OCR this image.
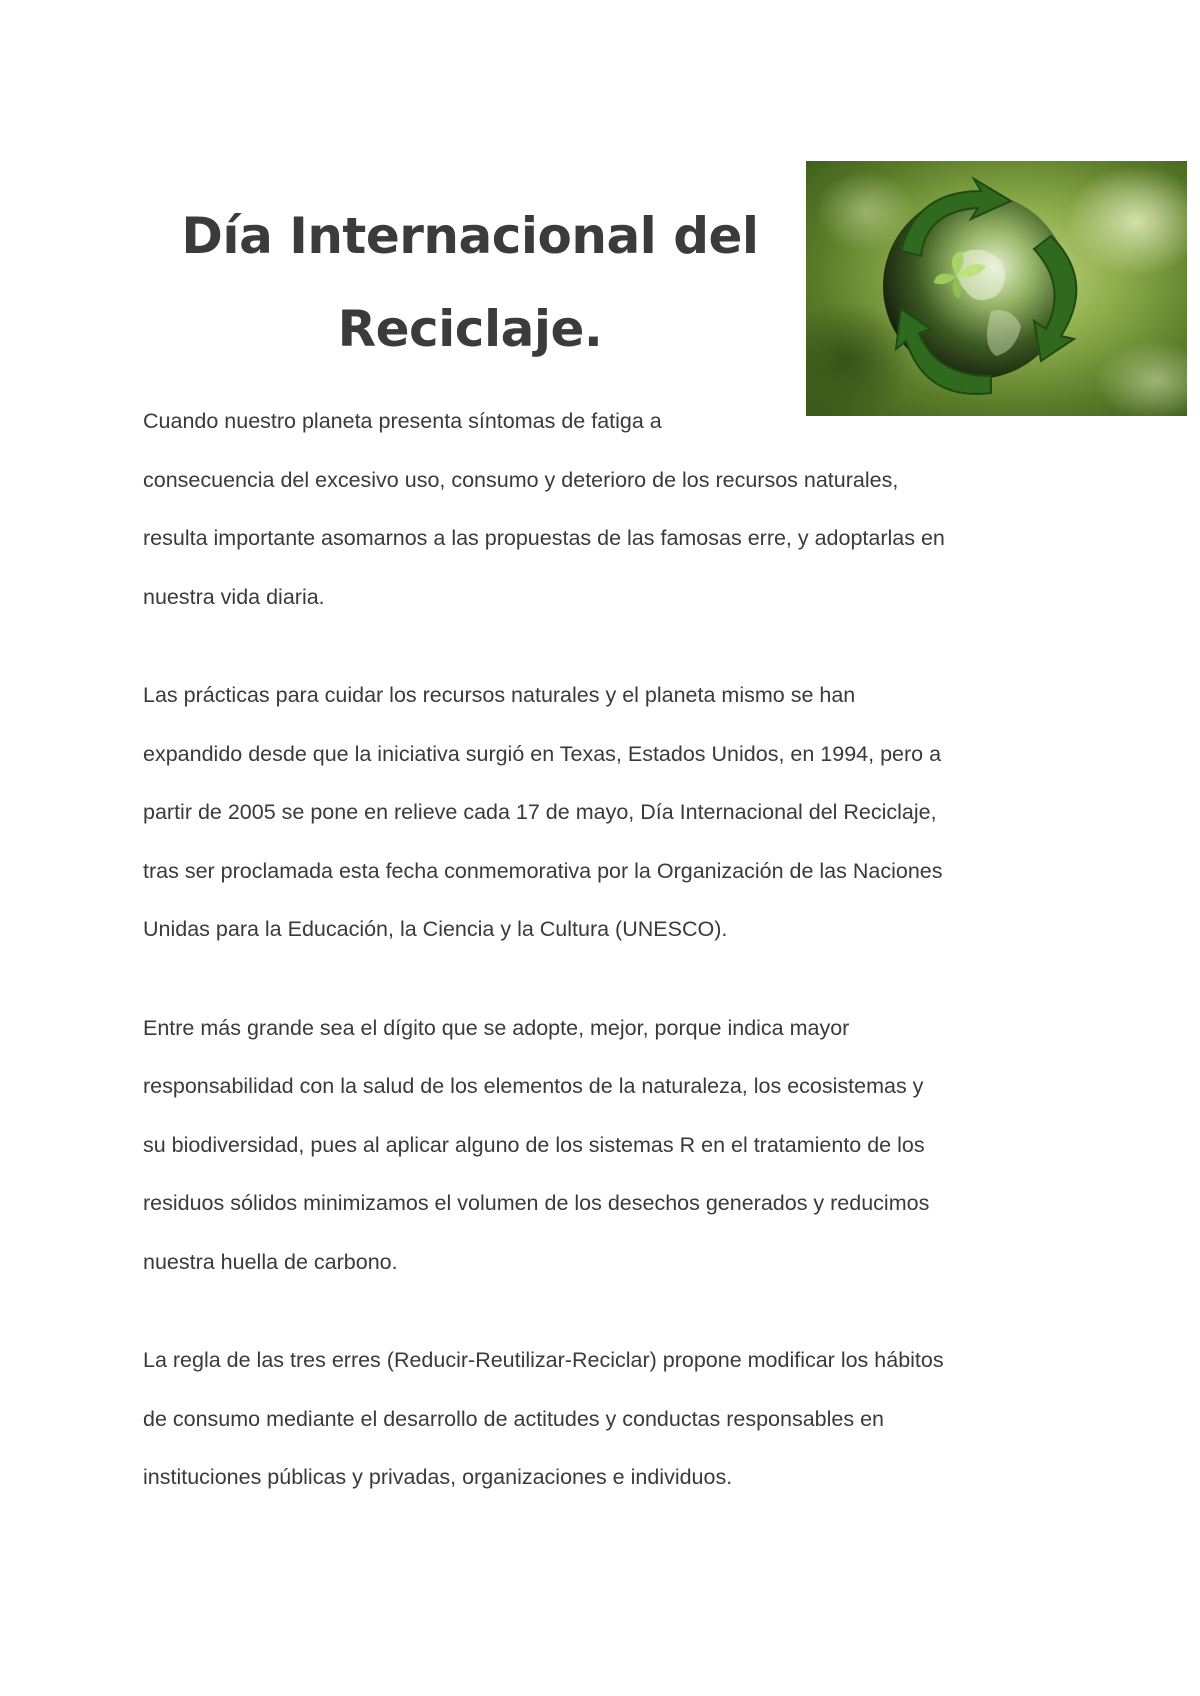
Día Internacional del
Reciclaje.
Cuando nuestro planeta presenta síntomas de fatiga a
consecuencia del excesivo uso, consumo y deterioro de los recursos naturales,
resulta importante asomarnos a las propuestas de las famosas erre, y adoptarlas en
nuestra vida diaria.
Las prácticas para cuidar los recursos naturales y el planeta mismo se han
expandido desde que la iniciativa surgió en Texas, Estados Unidos, en 1994, pero a
partir de 2005 se pone en relieve cada 17 de mayo, Día Internacional del Reciclaje,
tras ser proclamada esta fecha conmemorativa por la Organización de las Naciones
Unidas para la Educación, la Ciencia y la Cultura (UNESCO).
Entre más grande sea el dígito que se adopte, mejor, porque indica mayor
responsabilidad con la salud de los elementos de la naturaleza, los ecosistemas y
su biodiversidad, pues al aplicar alguno de los sistemas R en el tratamiento de los
residuos sólidos minimizamos el volumen de los desechos generados y reducimos
nuestra huella de carbono.
La regla de las tres erres (Reducir-Reutilizar-Reciclar) propone modificar los hábitos
de consumo mediante el desarrollo de actitudes y conductas responsables en
instituciones públicas y privadas, organizaciones e individuos.
